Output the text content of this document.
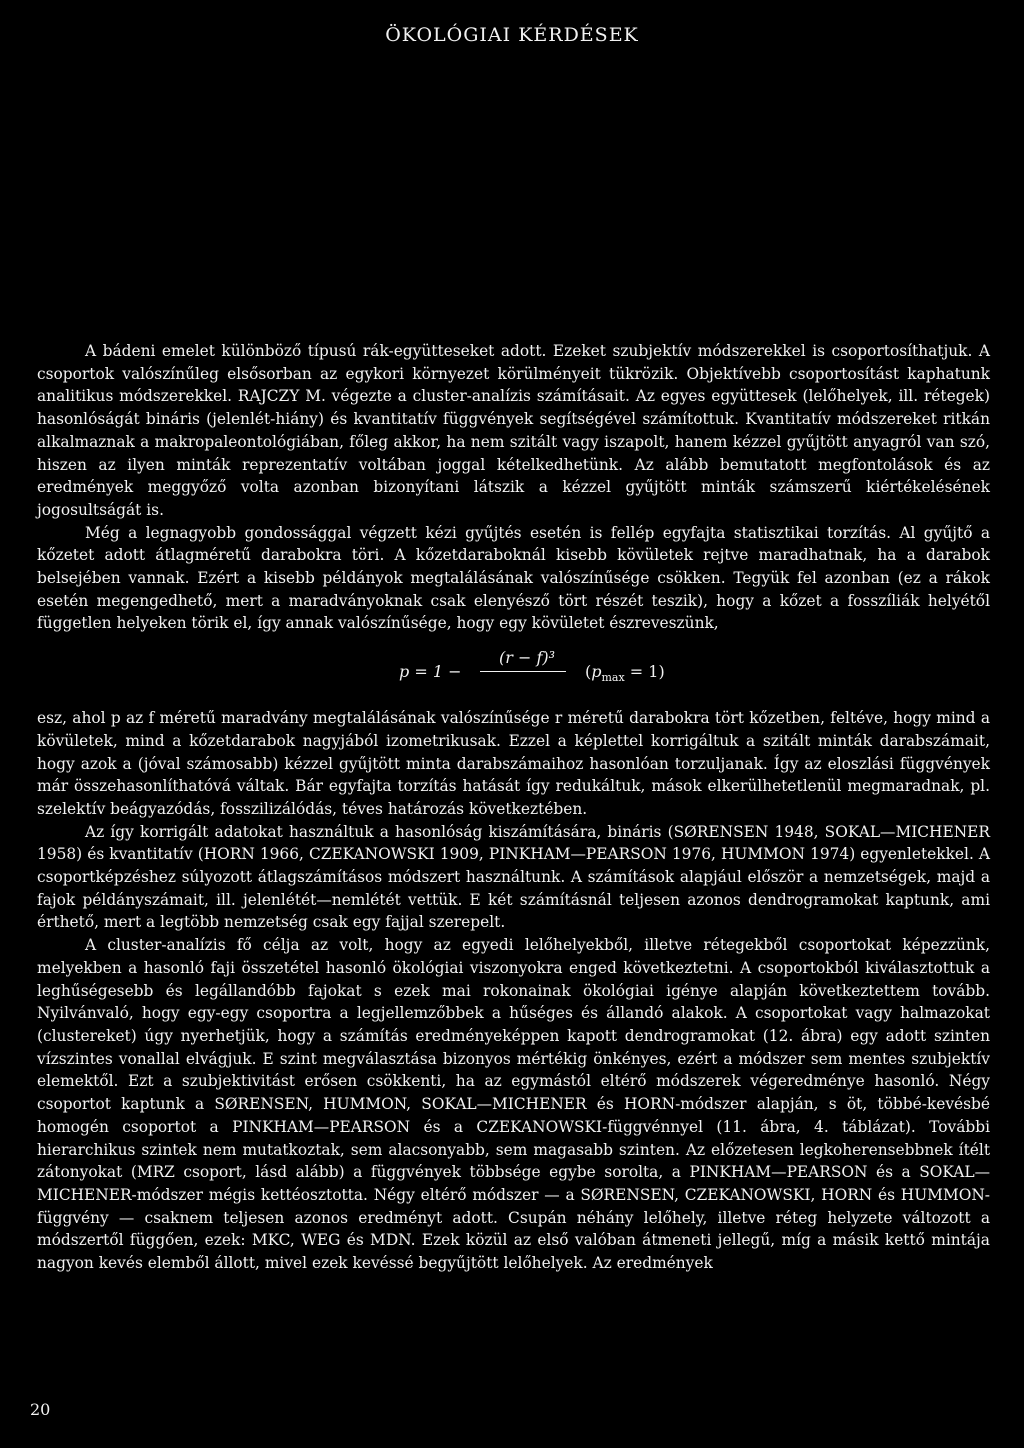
ÖKOLÓGIAI KÉRDÉSEK

A bádeni emelet különböző típusú rák-együtteseket adott. Ezeket szubjektív módszerekkel is csoportosíthatjuk. A csoportok valószínűleg elsősorban az egykori környezet körülményeit tükrözik. Objektívebb csoportosítást kaphatunk analitikus módszerekkel. RAJCZY M. végezte a cluster-analízis számításait. Az egyes együttesek (lelőhelyek, ill. rétegek) hasonlóságát bináris (jelenlét-hiány) és kvantitatív függvények segítségével számítottuk. Kvantitatív módszereket ritkán alkalmaznak a makropaleontológiában, főleg akkor, ha nem szitált vagy iszapolt, hanem kézzel gyűjtött anyagról van szó, hiszen az ilyen minták reprezentatív voltában joggal kételkedhetünk. Az alább bemutatott megfontolások és az eredmények meggyőző volta azonban bizonyítani látszik a kézzel gyűjtött minták számszerű kiértékelésének jogosultságát is.

Még a legnagyobb gondossággal végzett kézi gyűjtés esetén is fellép egyfajta statisztikai torzítás. Al gyűjtő a kőzetet adott átlagméretű darabokra töri. A kőzetdaraboknál kisebb kövületek rejtve maradhatnak, ha a darabok belsejében vannak. Ezért a kisebb példányok megtalálásának valószínűsége csökken. Tegyük fel azonban (ez a rákok esetén megengedhető, mert a maradványoknak csak elenyésző tört részét teszik), hogy a kőzet a fosszíliák helyétől független helyeken törik el, így annak valószínűsége, hogy egy kövületet észreveszünk,

p = 1 −
(r − f)³
$(p_{max} = 1)$

esz, ahol p az f méretű maradvány megtalálásának valószínűsége r méretű darabokra tört kőzetben, feltéve, hogy mind a kövületek, mind a kőzetdarabok nagyjából izometrikusak. Ezzel a képlettel korrigáltuk a szitált minták darabszámait, hogy azok a (jóval számosabb) kézzel gyűjtött minta darabszámaihoz hasonlóan torzuljanak. Így az eloszlási függvények már összehasonlíthatóvá váltak. Bár egyfajta torzítás hatását így redukáltuk, mások elkerülhetetlenül megmaradnak, pl. szelektív beágyazódás, fosszilizálódás, téves határozás következtében.

Az így korrigált adatokat használtuk a hasonlóság kiszámítására, bináris (SØRENSEN 1948, SOKAL—MICHENER 1958) és kvantitatív (HORN 1966, CZEKANOWSKI 1909, PINKHAM—PEARSON 1976, HUMMON 1974) egyenletekkel. A csoportképzéshez súlyozott átlagszámításos módszert használtunk. A számítások alapjául először a nemzetségek, majd a fajok példányszámait, ill. jelenlétét—nemlétét vettük. E két számításnál teljesen azonos dendrogramokat kaptunk, ami érthető, mert a legtöbb nemzetség csak egy fajjal szerepelt.

A cluster-analízis fő célja az volt, hogy az egyedi lelőhelyekből, illetve rétegekből csoportokat képezzünk, melyekben a hasonló faji összetétel hasonló ökológiai viszonyokra enged következtetni. A csoportokból kiválasztottuk a leghűségesebb és legállandóbb fajokat s ezek mai rokonainak ökológiai igénye alapján következtettem tovább. Nyilvánvaló, hogy egy-egy csoportra a legjellemzőbbek a hűséges és állandó alakok. A csoportokat vagy halmazokat (clustereket) úgy nyerhetjük, hogy a számítás eredményeképpen kapott dendrogramokat (12. ábra) egy adott szinten vízszintes vonallal elvágjuk. E szint megválasztása bizonyos mértékig önkényes, ezért a módszer sem mentes szubjektív elemektől. Ezt a szubjektivitást erősen csökkenti, ha az egymástól eltérő módszerek végeredménye hasonló. Négy csoportot kaptunk a SØRENSEN, HUMMON, SOKAL—MICHENER és HORN-módszer alapján, s öt, többé-kevésbé homogén csoportot a PINKHAM—PEARSON és a CZEKANOWSKI-függvénnyel (11. ábra, 4. táblázat). További hierarchikus szintek nem mutatkoztak, sem alacsonyabb, sem magasabb szinten. Az előzetesen legkoherensebbnek ítélt zátonyokat (MRZ csoport, lásd alább) a függvények többsége egybe sorolta, a PINKHAM—PEARSON és a SOKAL—MICHENER-módszer mégis kettéosztotta. Négy eltérő módszer — a SØRENSEN, CZEKANOWSKI, HORN és HUMMON-függvény — csaknem teljesen azonos eredményt adott. Csupán néhány lelőhely, illetve réteg helyzete változott a módszertől függően, ezek: MKC, WEG és MDN. Ezek közül az első valóban átmeneti jellegű, míg a másik kettő mintája nagyon kevés elemből állott, mivel ezek kevéssé begyűjtött lelőhelyek. Az eredmények

20
